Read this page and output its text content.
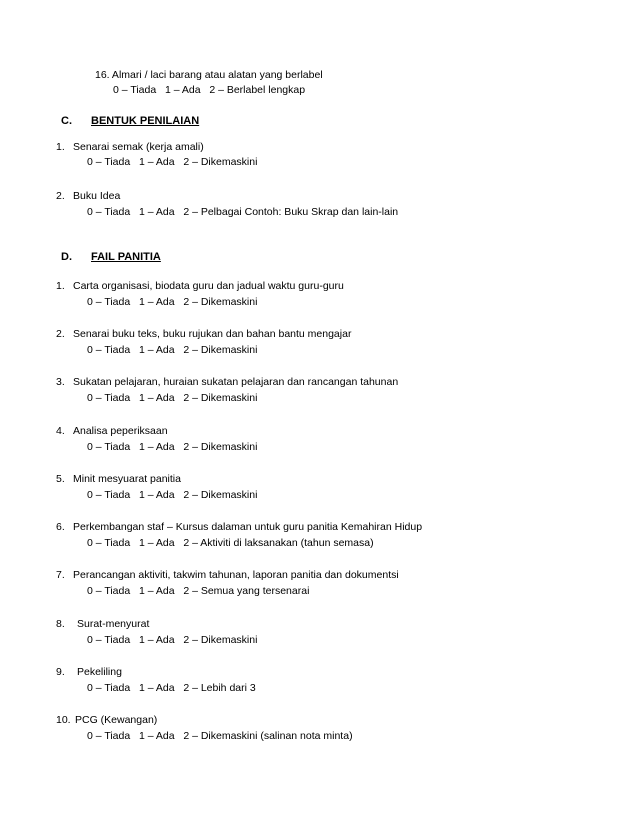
16. Almari / laci barang atau alatan yang berlabel
0 – Tiada   1 – Ada   2 – Berlabel lengkap
C. BENTUK PENILAIAN
1. Senarai semak (kerja amali)
0 – Tiada   1 – Ada   2 – Dikemaskini
2. Buku Idea
0 – Tiada   1 – Ada   2 – Pelbagai Contoh: Buku Skrap dan lain-lain
D. FAIL PANITIA
1. Carta organisasi, biodata guru dan jadual waktu guru-guru
0 – Tiada   1 – Ada   2 – Dikemaskini
2. Senarai buku teks, buku rujukan dan bahan bantu mengajar
0 – Tiada   1 – Ada   2 – Dikemaskini
3. Sukatan pelajaran, huraian sukatan pelajaran dan rancangan tahunan
0 – Tiada   1 – Ada   2 – Dikemaskini
4. Analisa peperiksaan
0 – Tiada   1 – Ada   2 – Dikemaskini
5. Minit mesyuarat panitia
0 – Tiada   1 – Ada   2 – Dikemaskini
6. Perkembangan staf – Kursus dalaman untuk guru panitia Kemahiran Hidup
0 – Tiada   1 – Ada   2 – Aktiviti di laksanakan (tahun semasa)
7. Perancangan aktiviti, takwim tahunan, laporan panitia dan dokumentsi
0 – Tiada   1 – Ada   2 – Semua yang tersenarai
8. Surat-menyurat
0 – Tiada   1 – Ada   2 – Dikemaskini
9. Pekeliling
0 – Tiada   1 – Ada   2 – Lebih dari 3
10. PCG (Kewangan)
0 – Tiada   1 – Ada   2 – Dikemaskini (salinan nota minta)
